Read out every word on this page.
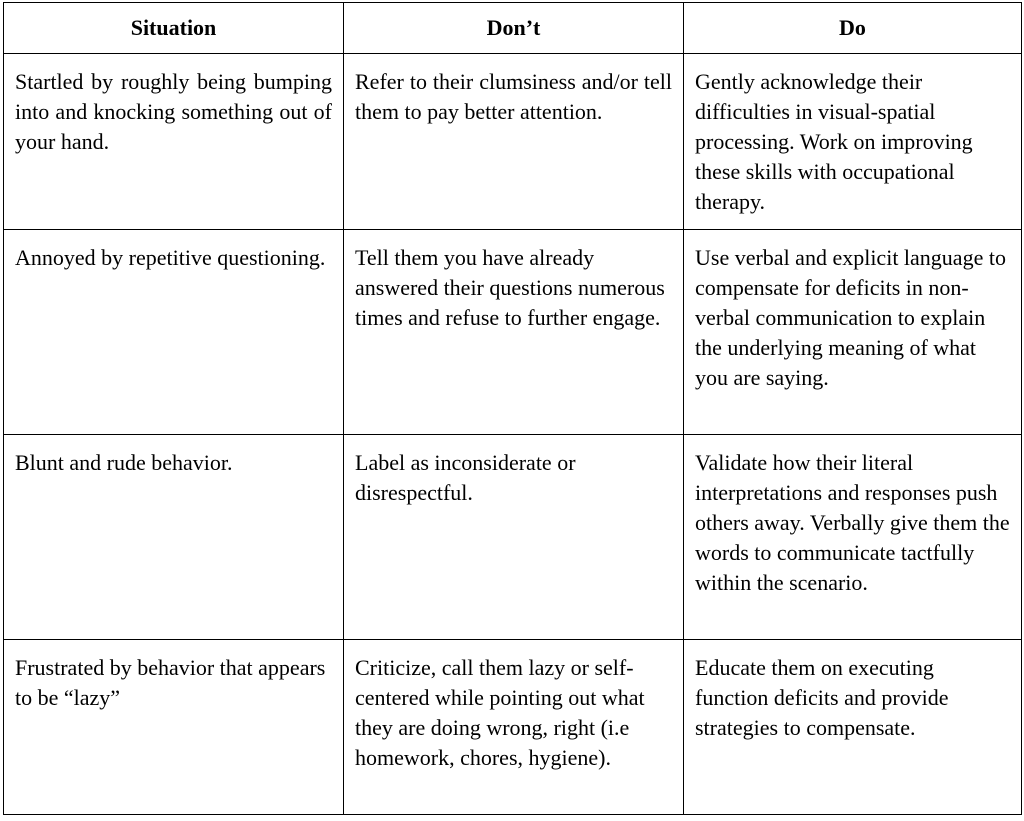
Situation	Don’t	Do
Startled by roughly being bumping into and knocking something out of your hand.	Refer to their clumsiness and/or tell them to pay better attention.	Gently acknowledge their difficulties in visual-spatial processing. Work on improving these skills with occupational therapy.
Annoyed by repetitive questioning.	Tell them you have already answered their questions numerous times and refuse to further engage.	Use verbal and explicit language to compensate for deficits in non-verbal communication to explain the underlying meaning of what you are saying.
Blunt and rude behavior.	Label as inconsiderate or disrespectful.	Validate how their literal interpretations and responses push others away. Verbally give them the words to communicate tactfully within the scenario.
Frustrated by behavior that appears to be “lazy”	Criticize, call them lazy or self-centered while pointing out what they are doing wrong, right (i.e homework, chores, hygiene).	Educate them on executing function deficits and provide strategies to compensate.
